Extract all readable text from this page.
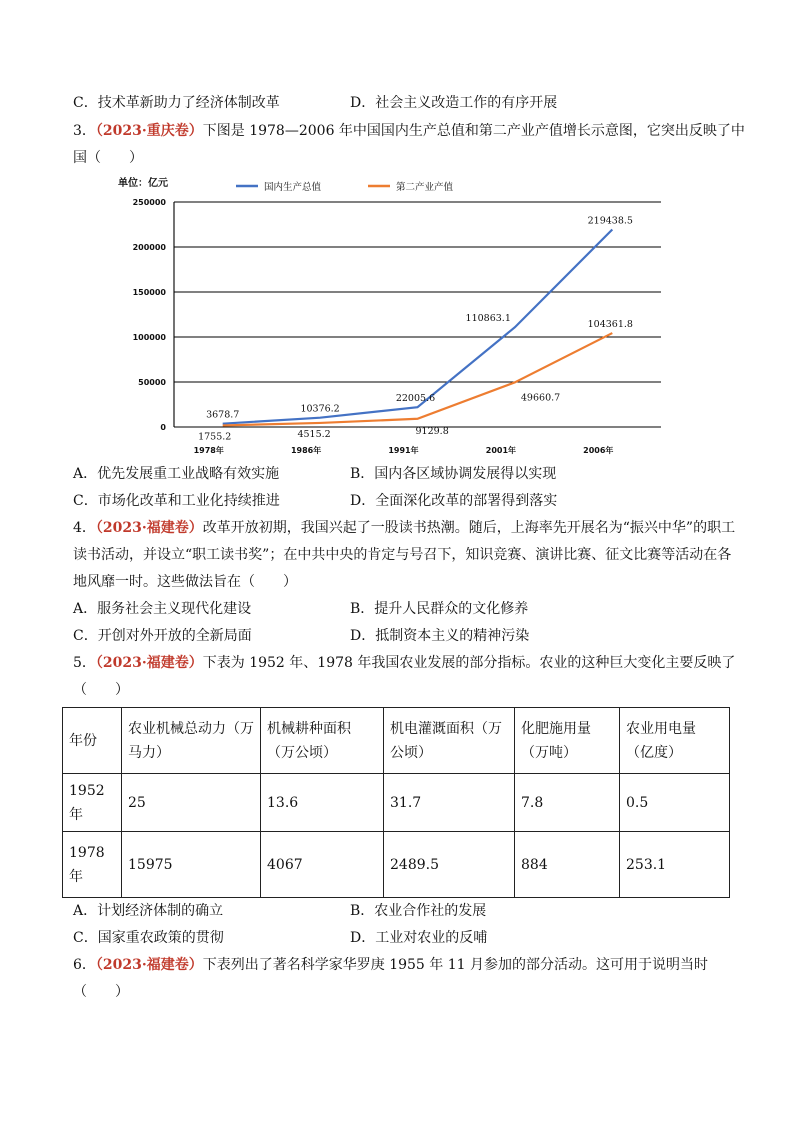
C．技术革新助力了经济体制改革	D．社会主义改造工作的有序开展
3．（2023·重庆卷）下图是 1978—2006 年中国国内生产总值和第二产业产值增长示意图，它突出反映了中
国（　　）
单位：亿元	国内生产总值	第二产业产值
0
50000
100000
150000
200000
250000
1978年	1986年	1991年	2001年	2006年
3678.7
10376.2
22005.6
110863.1
219438.5
1755.2	4515.2	9129.8
49660.7
104361.8
A．优先发展重工业战略有效实施	B．国内各区域协调发展得以实现
C．市场化改革和工业化持续推进	D．全面深化改革的部署得到落实
4．（2023·福建卷）改革开放初期，我国兴起了一股读书热潮。随后，上海率先开展名为“振兴中华”的职工
读书活动，并设立“职工读书奖”；在中共中央的肯定与号召下，知识竞赛、演讲比赛、征文比赛等活动在各
地风靡一时。这些做法旨在（　　）
A．服务社会主义现代化建设	B．提升人民群众的文化修养
C．开创对外开放的全新局面	D．抵制资本主义的精神污染
5．（2023·福建卷）下表为 1952 年、1978 年我国农业发展的部分指标。农业的这种巨大变化主要反映了
（　　）
年份	农业机械总动力（万马力）	机械耕种面积（万公顷）	机电灌溉面积（万公顷）	化肥施用量（万吨）	农业用电量（亿度）
1952年	25	13.6	31.7	7.8	0.5
1978年	15975	4067	2489.5	884	253.1
A．计划经济体制的确立	B．农业合作社的发展
C．国家重农政策的贯彻	D．工业对农业的反哺
6．（2023·福建卷）下表列出了著名科学家华罗庚 1955 年 11 月参加的部分活动。这可用于说明当时
（　　）
